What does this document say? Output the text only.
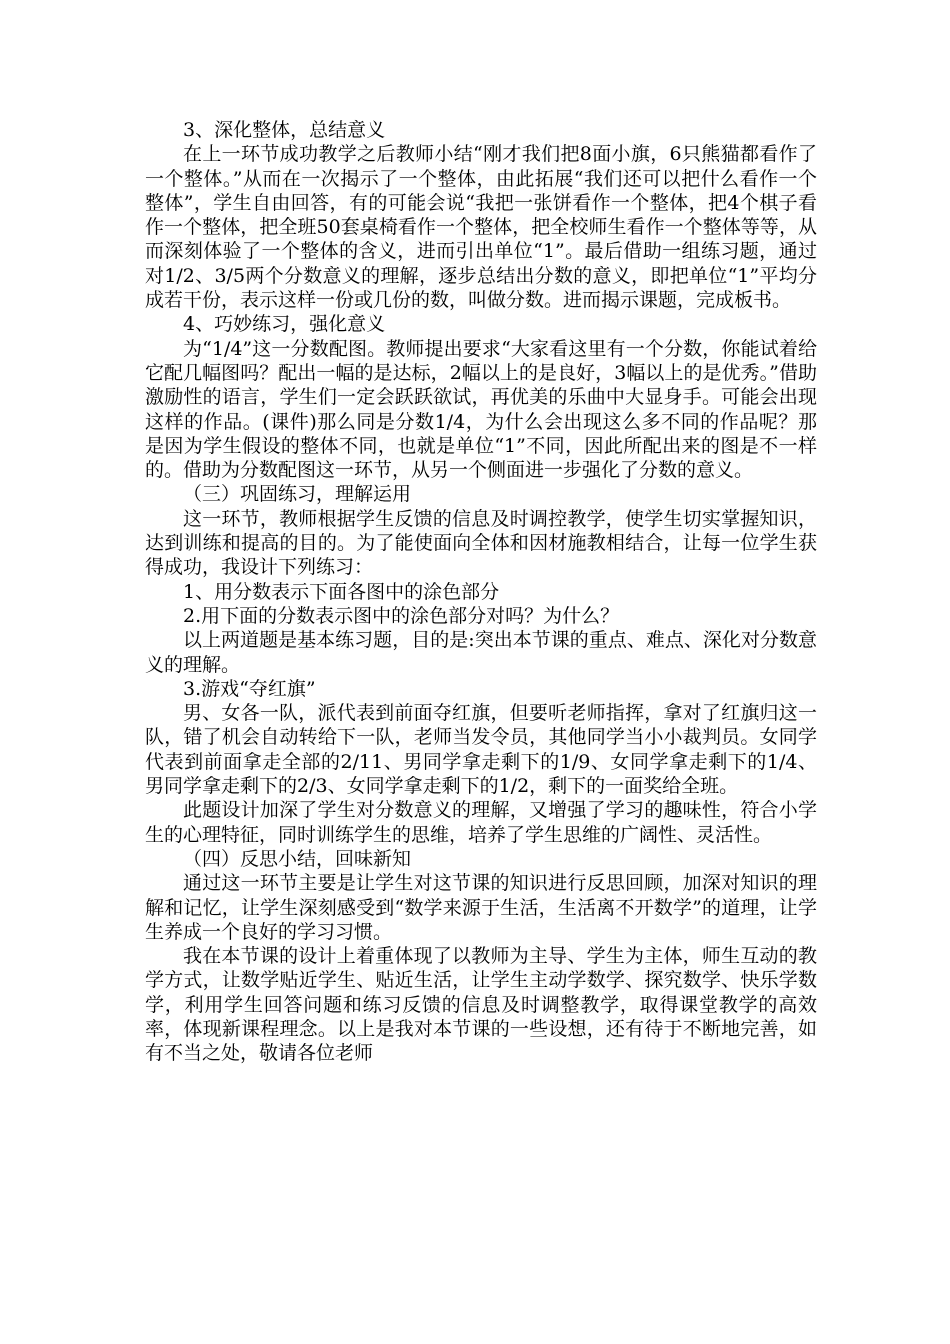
3、深化整体，总结意义

在上一环节成功教学之后教师小结“刚才我们把8面小旗，6只熊猫都看作了一个整体。”从而在一次揭示了一个整体，由此拓展“我们还可以把什么看作一个整体”，学生自由回答，有的可能会说“我把一张饼看作一个整体，把4个棋子看作一个整体，把全班50套桌椅看作一个整体，把全校师生看作一个整体等等，从而深刻体验了一个整体的含义，进而引出单位“1”。最后借助一组练习题，通过对1/2、3/5两个分数意义的理解，逐步总结出分数的意义，即把单位“1”平均分成若干份，表示这样一份或几份的数，叫做分数。进而揭示课题，完成板书。

4、巧妙练习，强化意义

为“1/4”这一分数配图。教师提出要求“大家看这里有一个分数，你能试着给它配几幅图吗？配出一幅的是达标，2幅以上的是良好，3幅以上的是优秀。”借助激励性的语言，学生们一定会跃跃欲试，再优美的乐曲中大显身手。可能会出现这样的作品。(课件)那么同是分数1/4，为什么会出现这么多不同的作品呢？那是因为学生假设的整体不同，也就是单位“1”不同，因此所配出来的图是不一样的。借助为分数配图这一环节，从另一个侧面进一步强化了分数的意义。

（三）巩固练习，理解运用

这一环节，教师根据学生反馈的信息及时调控教学，使学生切实掌握知识，达到训练和提高的目的。为了能使面向全体和因材施教相结合，让每一位学生获得成功，我设计下列练习：

1、用分数表示下面各图中的涂色部分

2.用下面的分数表示图中的涂色部分对吗？为什么？

以上两道题是基本练习题，目的是:突出本节课的重点、难点、深化对分数意义的理解。

3.游戏“夺红旗”

男、女各一队，派代表到前面夺红旗，但要听老师指挥，拿对了红旗归这一队，错了机会自动转给下一队，老师当发令员，其他同学当小小裁判员。女同学代表到前面拿走全部的2/11、男同学拿走剩下的1/9、女同学拿走剩下的1/4、男同学拿走剩下的2/3、女同学拿走剩下的1/2，剩下的一面奖给全班。

此题设计加深了学生对分数意义的理解，又增强了学习的趣味性，符合小学生的心理特征，同时训练学生的思维，培养了学生思维的广阔性、灵活性。

（四）反思小结，回味新知

通过这一环节主要是让学生对这节课的知识进行反思回顾，加深对知识的理解和记忆，让学生深刻感受到“数学来源于生活，生活离不开数学”的道理，让学生养成一个良好的学习习惯。

我在本节课的设计上着重体现了以教师为主导、学生为主体，师生互动的教学方式，让数学贴近学生、贴近生活，让学生主动学数学、探究数学、快乐学数学，利用学生回答问题和练习反馈的信息及时调整教学，取得课堂教学的高效率，体现新课程理念。以上是我对本节课的一些设想，还有待于不断地完善，如有不当之处，敬请各位老师
